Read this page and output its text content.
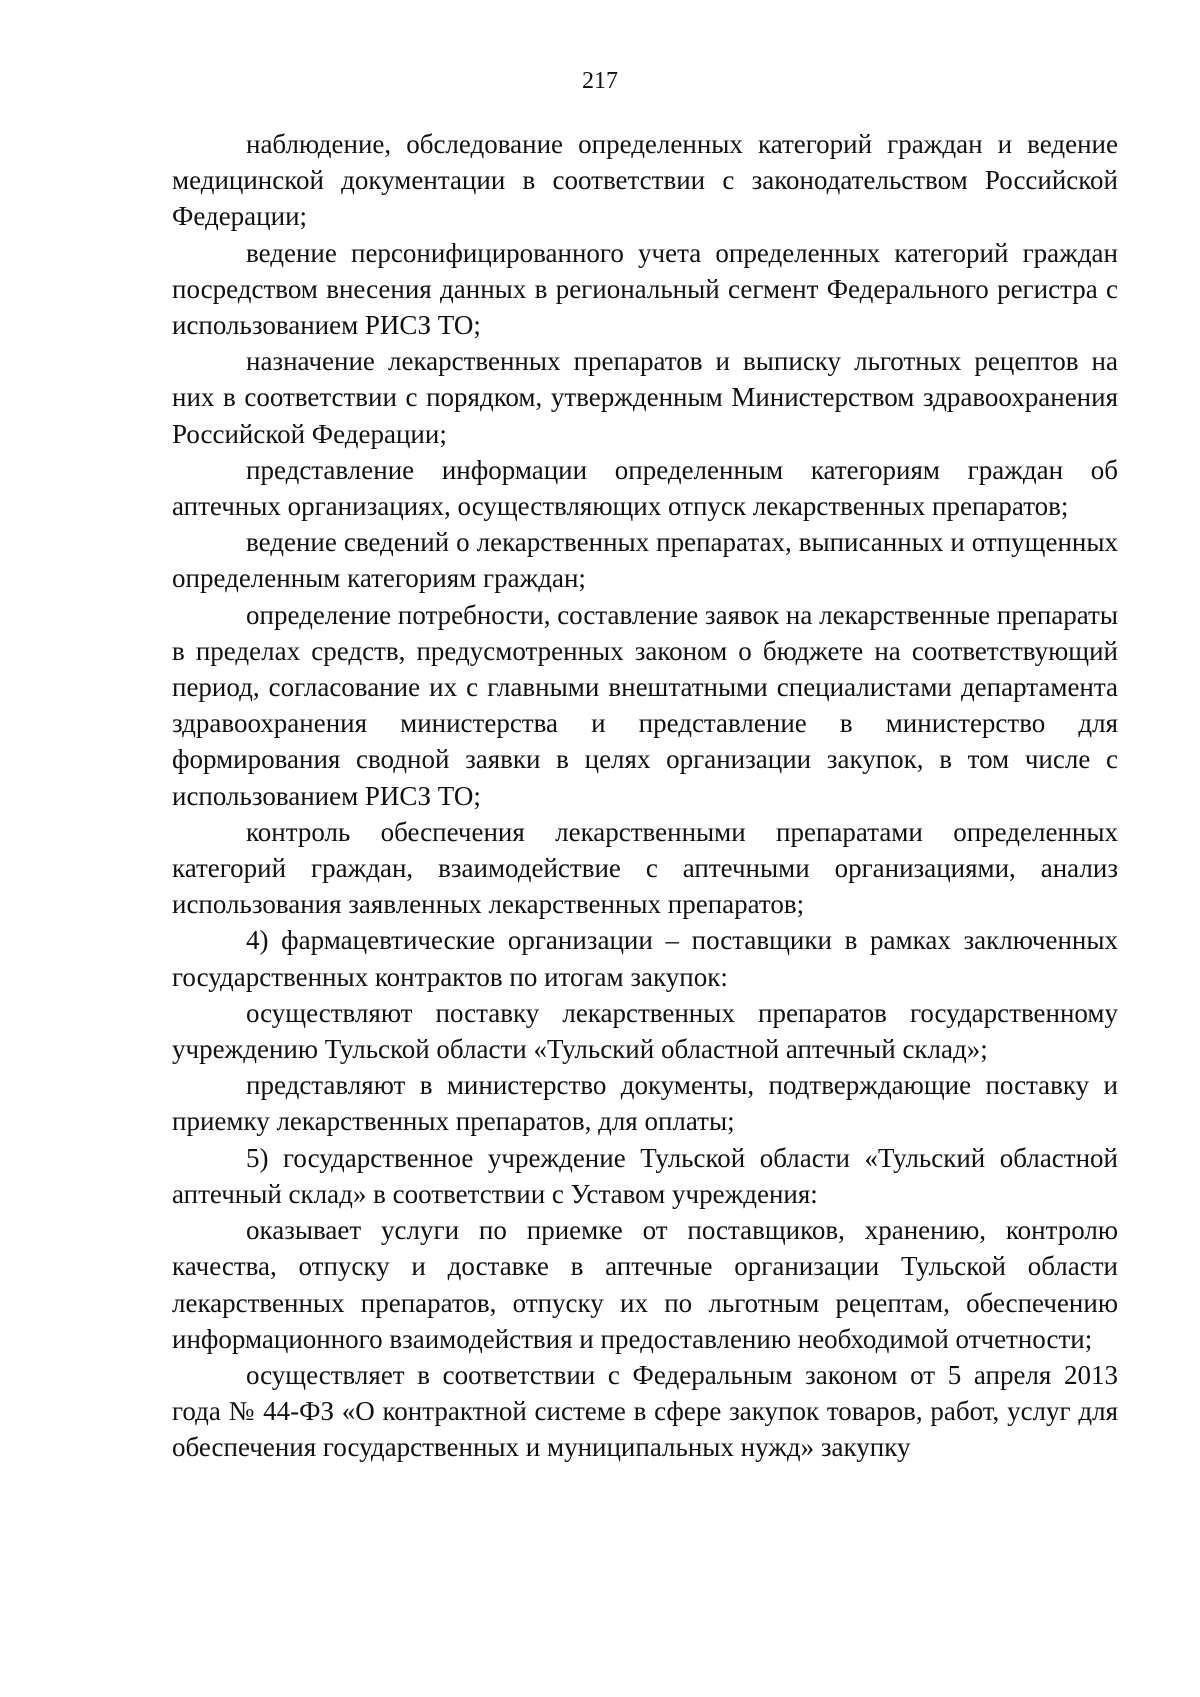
217

наблюдение, обследование определенных категорий граждан и ведение медицинской документации в соответствии с законодательством Российской Федерации;

ведение персонифицированного учета определенных категорий граждан посредством внесения данных в региональный сегмент Федерального регистра с использованием РИСЗ ТО;

назначение лекарственных препаратов и выписку льготных рецептов на них в соответствии с порядком, утвержденным Министерством здравоохранения Российской Федерации;

представление информации определенным категориям граждан об аптечных организациях, осуществляющих отпуск лекарственных препаратов;

ведение сведений о лекарственных препаратах, выписанных и отпущенных определенным категориям граждан;

определение потребности, составление заявок на лекарственные препараты в пределах средств, предусмотренных законом о бюджете на соответствующий период, согласование их с главными внештатными специалистами департамента здравоохранения министерства и представление в министерство для формирования сводной заявки в целях организации закупок, в том числе с использованием РИСЗ ТО;

контроль обеспечения лекарственными препаратами определенных категорий граждан, взаимодействие с аптечными организациями, анализ использования заявленных лекарственных препаратов;

4) фармацевтические организации – поставщики в рамках заключенных государственных контрактов по итогам закупок:

осуществляют поставку лекарственных препаратов государственному учреждению Тульской области «Тульский областной аптечный склад»;

представляют в министерство документы, подтверждающие поставку и приемку лекарственных препаратов, для оплаты;

5) государственное учреждение Тульской области «Тульский областной аптечный склад» в соответствии с Уставом учреждения:

оказывает услуги по приемке от поставщиков, хранению, контролю качества, отпуску и доставке в аптечные организации Тульской области лекарственных препаратов, отпуску их по льготным рецептам, обеспечению информационного взаимодействия и предоставлению необходимой отчетности;

осуществляет в соответствии с Федеральным законом от 5 апреля 2013 года № 44-ФЗ «О контрактной системе в сфере закупок товаров, работ, услуг для обеспечения государственных и муниципальных нужд» закупку
